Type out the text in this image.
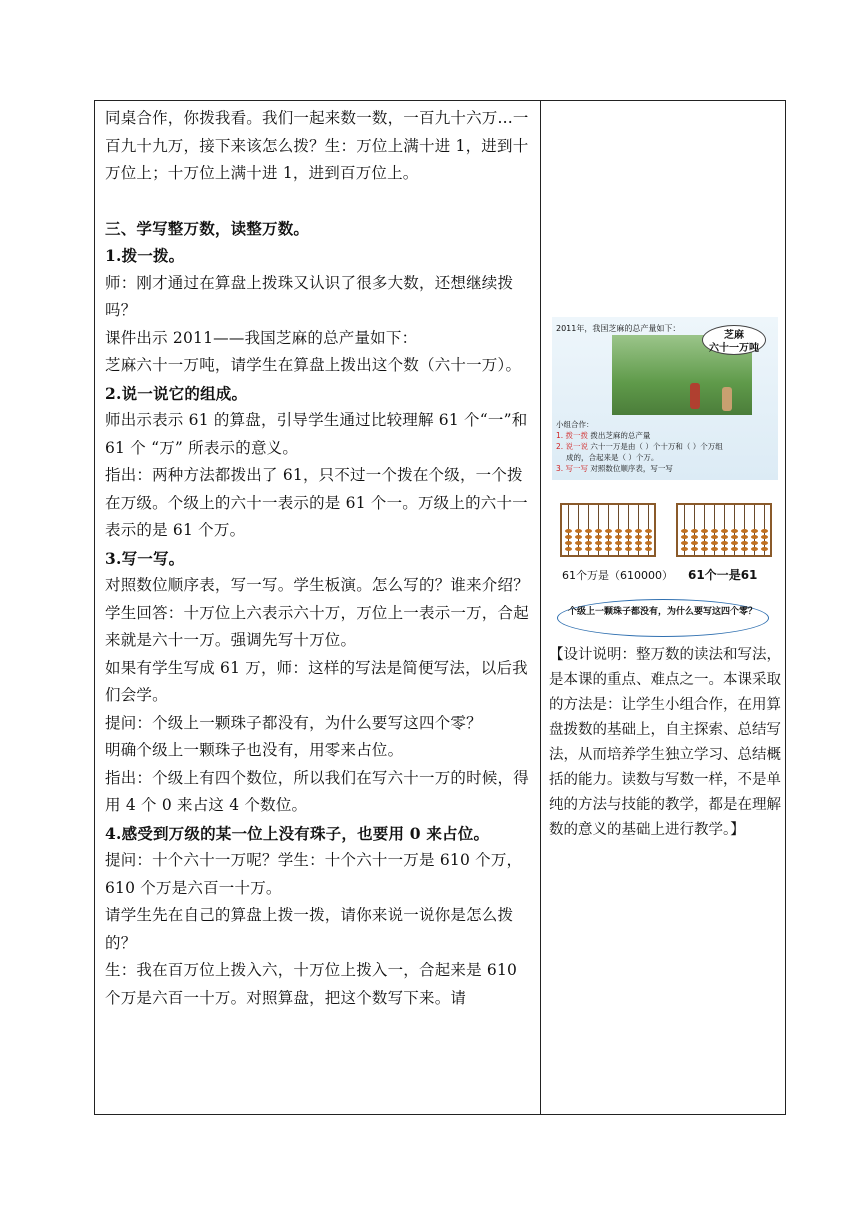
同桌合作，你拨我看。我们一起来数一数，一百九十六万...一百九十九万，接下来该怎么拨？生：万位上满十进 1，进到十万位上；十万位上满十进 1，进到百万位上。

三、学写整万数，读整万数。

1.拨一拨。

师：刚才通过在算盘上拨珠又认识了很多大数，还想继续拨吗？

课件出示 2011——我国芝麻的总产量如下：

芝麻六十一万吨，请学生在算盘上拨出这个数（六十一万）。

2.说一说它的组成。

师出示表示 61 的算盘，引导学生通过比较理解 61 个“一”和 61 个 “万” 所表示的意义。

指出：两种方法都拨出了 61，只不过一个拨在个级，一个拨在万级。个级上的六十一表示的是 61 个一。万级上的六十一表示的是 61 个万。

3.写一写。

对照数位顺序表，写一写。学生板演。怎么写的？谁来介绍？

学生回答：十万位上六表示六十万，万位上一表示一万，合起来就是六十一万。强调先写十万位。

如果有学生写成 61 万，师：这样的写法是简便写法，以后我们会学。

提问：个级上一颗珠子都没有，为什么要写这四个零？

明确个级上一颗珠子也没有，用零来占位。

指出：个级上有四个数位，所以我们在写六十一万的时候，得用 4 个 0 来占这 4 个数位。

4.感受到万级的某一位上没有珠子，也要用 0 来占位。

提问：十个六十一万呢？学生：十个六十一万是 610 个万，610 个万是六百一十万。

请学生先在自己的算盘上拨一拨，请你来说一说你是怎么拨的？

生：我在百万位上拨入六，十万位上拨入一，合起来是 610 个万是六百一十万。对照算盘，把这个数写下来。请

2011年，我国芝麻的总产量如下：
芝麻
六十一万吨
小组合作：
1. 拨一拨 拨出芝麻的总产量
2. 说一说 六十一万是由（ ）个十万和（ ）个万组
成的，合起来是（ ）个万。
3. 写一写 对照数位顺序表，写一写
61个万是（610000） 61个一是61
个级上一颗珠子都没有，为什么要写这四个零？
【设计说明：整万数的读法和写法，是本课的重点、难点之一。本课采取的方法是：让学生小组合作，在用算盘拨数的基础上，自主探索、总结写法，从而培养学生独立学习、总结概括的能力。读数与写数一样，不是单纯的方法与技能的教学，都是在理解数的意义的基础上进行教学。】
